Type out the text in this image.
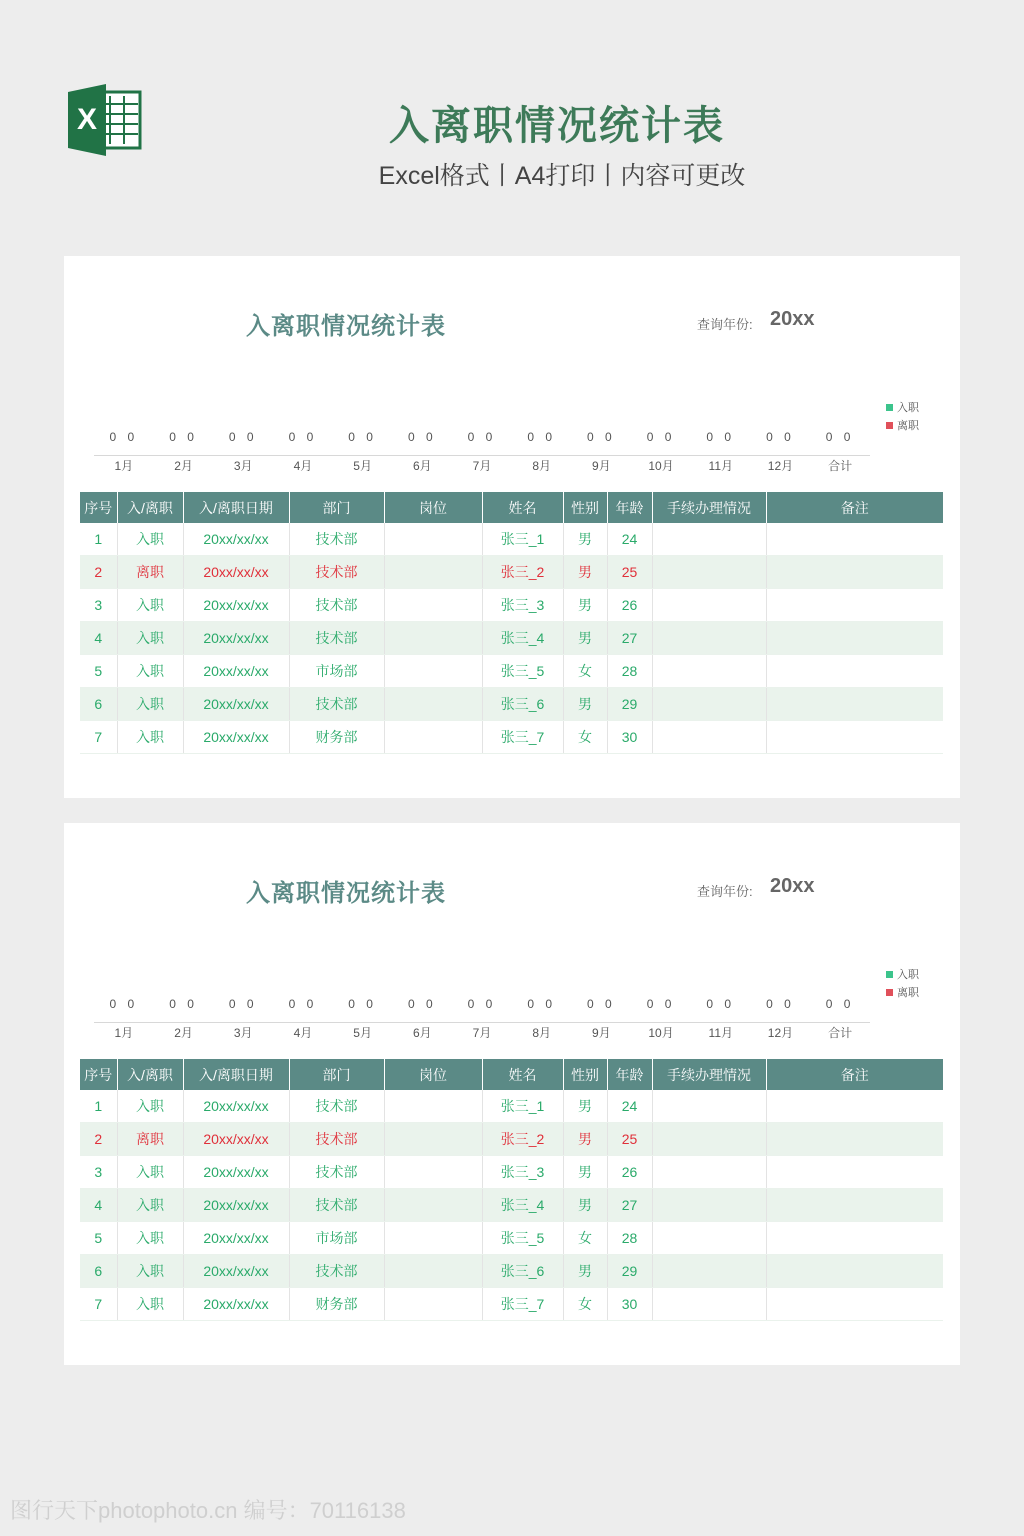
X	入离职情况统计表
Excel格式丨A4打印丨内容可更改
入离职情况统计表	查询年份: 20xx
入职
离职
0 0
1月
0 0
2月
0 0
3月
0 0
4月
0 0
5月
0 0
6月
0 0
7月
0 0
8月
0 0
9月
0 0
10月
0 0
11月
0 0
12月
0 0
合计
序号	入/离职	入/离职日期	部门	岗位	姓名	性别	年龄	手续办理情况	备注
1	入职	20xx/xx/xx	技术部		张三_1	男	24		
2	离职	20xx/xx/xx	技术部		张三_2	男	25		
3	入职	20xx/xx/xx	技术部		张三_3	男	26		
4	入职	20xx/xx/xx	技术部		张三_4	男	27		
5	入职	20xx/xx/xx	市场部		张三_5	女	28		
6	入职	20xx/xx/xx	技术部		张三_6	男	29		
7	入职	20xx/xx/xx	财务部		张三_7	女	30		
入离职情况统计表	查询年份: 20xx
入职
离职
0 0
1月
0 0
2月
0 0
3月
0 0
4月
0 0
5月
0 0
6月
0 0
7月
0 0
8月
0 0
9月
0 0
10月
0 0
11月
0 0
12月
0 0
合计
序号	入/离职	入/离职日期	部门	岗位	姓名	性别	年龄	手续办理情况	备注
1	入职	20xx/xx/xx	技术部		张三_1	男	24		
2	离职	20xx/xx/xx	技术部		张三_2	男	25		
3	入职	20xx/xx/xx	技术部		张三_3	男	26		
4	入职	20xx/xx/xx	技术部		张三_4	男	27		
5	入职	20xx/xx/xx	市场部		张三_5	女	28		
6	入职	20xx/xx/xx	技术部		张三_6	男	29		
7	入职	20xx/xx/xx	财务部		张三_7	女	30		
图行天下photophoto.cn 编号：70116138
